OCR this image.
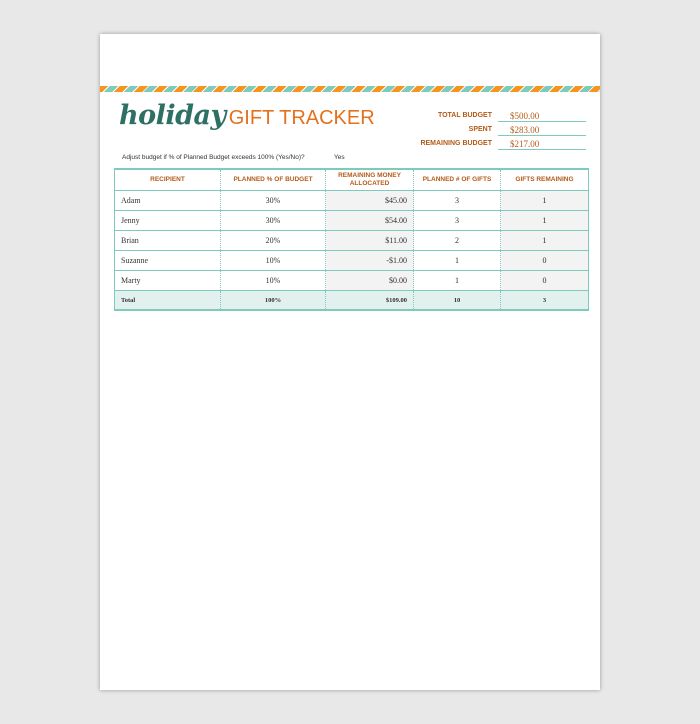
holiday GIFT TRACKER	TOTAL BUDGET	$500.00
SPENT	$283.00
REMAINING BUDGET	$217.00
Adjust budget if % of Planned Budget exceeds 100% (Yes/No)?	Yes
RECIPIENT	PLANNED % OF BUDGET	REMAINING MONEY ALLOCATED	PLANNED # OF GIFTS	GIFTS REMAINING
Adam	30%	$45.00	3	1
Jenny	30%	$54.00	3	1
Brian	20%	$11.00	2	1
Suzanne	10%	-$1.00	1	0
Marty	10%	$0.00	1	0
Total	100%	$109.00	10	3
